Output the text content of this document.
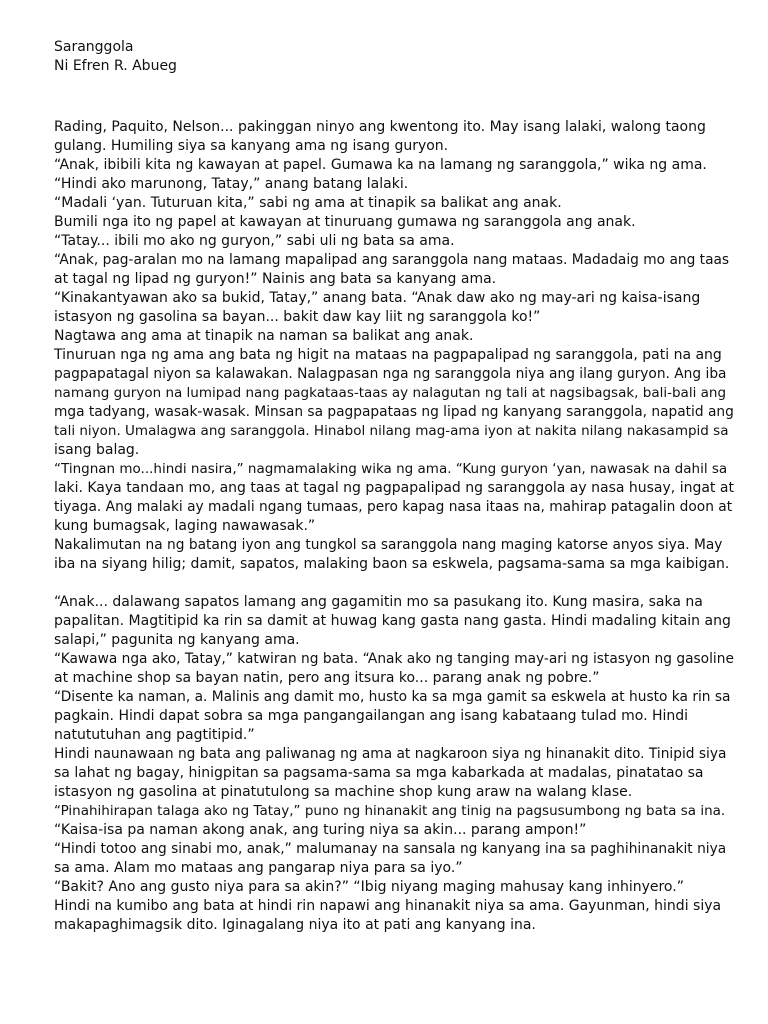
Saranggola
Ni Efren R. Abueg
Rading, Paquito, Nelson... pakinggan ninyo ang kwentong ito. May isang lalaki, walong taong
gulang. Humiling siya sa kanyang ama ng isang guryon.
“Anak, ibibili kita ng kawayan at papel. Gumawa ka na lamang ng saranggola,” wika ng ama.
“Hindi ako marunong, Tatay,” anang batang lalaki.
“Madali ‘yan. Tuturuan kita,” sabi ng ama at tinapik sa balikat ang anak.
Bumili nga ito ng papel at kawayan at tinuruang gumawa ng saranggola ang anak.
“Tatay... ibili mo ako ng guryon,” sabi uli ng bata sa ama.
“Anak, pag-aralan mo na lamang mapalipad ang saranggola nang mataas. Madadaig mo ang taas
at tagal ng lipad ng guryon!” Nainis ang bata sa kanyang ama.
“Kinakantyawan ako sa bukid, Tatay,” anang bata. “Anak daw ako ng may-ari ng kaisa-isang
istasyon ng gasolina sa bayan... bakit daw kay liit ng saranggola ko!”
Nagtawa ang ama at tinapik na naman sa balikat ang anak.
Tinuruan nga ng ama ang bata ng higit na mataas na pagpapalipad ng saranggola, pati na ang
pagpapatagal niyon sa kalawakan. Nalagpasan nga ng saranggola niya ang ilang guryon. Ang iba
namang guryon na lumipad nang pagkataas-taas ay nalagutan ng tali at nagsibagsak, bali-bali ang
mga tadyang, wasak-wasak. Minsan sa pagpapataas ng lipad ng kanyang saranggola, napatid ang
tali niyon. Umalagwa ang saranggola. Hinabol nilang mag-ama iyon at nakita nilang nakasampid sa
isang balag.
“Tingnan mo...hindi nasira,” nagmamalaking wika ng ama. “Kung guryon ‘yan, nawasak na dahil sa
laki. Kaya tandaan mo, ang taas at tagal ng pagpapalipad ng saranggola ay nasa husay, ingat at
tiyaga. Ang malaki ay madali ngang tumaas, pero kapag nasa itaas na, mahirap patagalin doon at
kung bumagsak, laging nawawasak.”
Nakalimutan na ng batang iyon ang tungkol sa saranggola nang maging katorse anyos siya. May
iba na siyang hilig; damit, sapatos, malaking baon sa eskwela, pagsama-sama sa mga kaibigan.
“Anak... dalawang sapatos lamang ang gagamitin mo sa pasukang ito. Kung masira, saka na
papalitan. Magtitipid ka rin sa damit at huwag kang gasta nang gasta. Hindi madaling kitain ang
salapi,” pagunita ng kanyang ama.
“Kawawa nga ako, Tatay,” katwiran ng bata. “Anak ako ng tanging may-ari ng istasyon ng gasoline
at machine shop sa bayan natin, pero ang itsura ko... parang anak ng pobre.”
“Disente ka naman, a. Malinis ang damit mo, husto ka sa mga gamit sa eskwela at husto ka rin sa
pagkain. Hindi dapat sobra sa mga pangangailangan ang isang kabataang tulad mo. Hindi
natututuhan ang pagtitipid.”
Hindi naunawaan ng bata ang paliwanag ng ama at nagkaroon siya ng hinanakit dito. Tinipid siya
sa lahat ng bagay, hinigpitan sa pagsama-sama sa mga kabarkada at madalas, pinatatao sa
istasyon ng gasolina at pinatutulong sa machine shop kung araw na walang klase.
“Pinahihirapan talaga ako ng Tatay,” puno ng hinanakit ang tinig na pagsusumbong ng bata sa ina.
“Kaisa-isa pa naman akong anak, ang turing niya sa akin... parang ampon!”
“Hindi totoo ang sinabi mo, anak,” malumanay na sansala ng kanyang ina sa paghihinanakit niya
sa ama. Alam mo mataas ang pangarap niya para sa iyo.”
“Bakit? Ano ang gusto niya para sa akin?” “Ibig niyang maging mahusay kang inhinyero.”
Hindi na kumibo ang bata at hindi rin napawi ang hinanakit niya sa ama. Gayunman, hindi siya
makapaghimagsik dito. Iginagalang niya ito at pati ang kanyang ina.
